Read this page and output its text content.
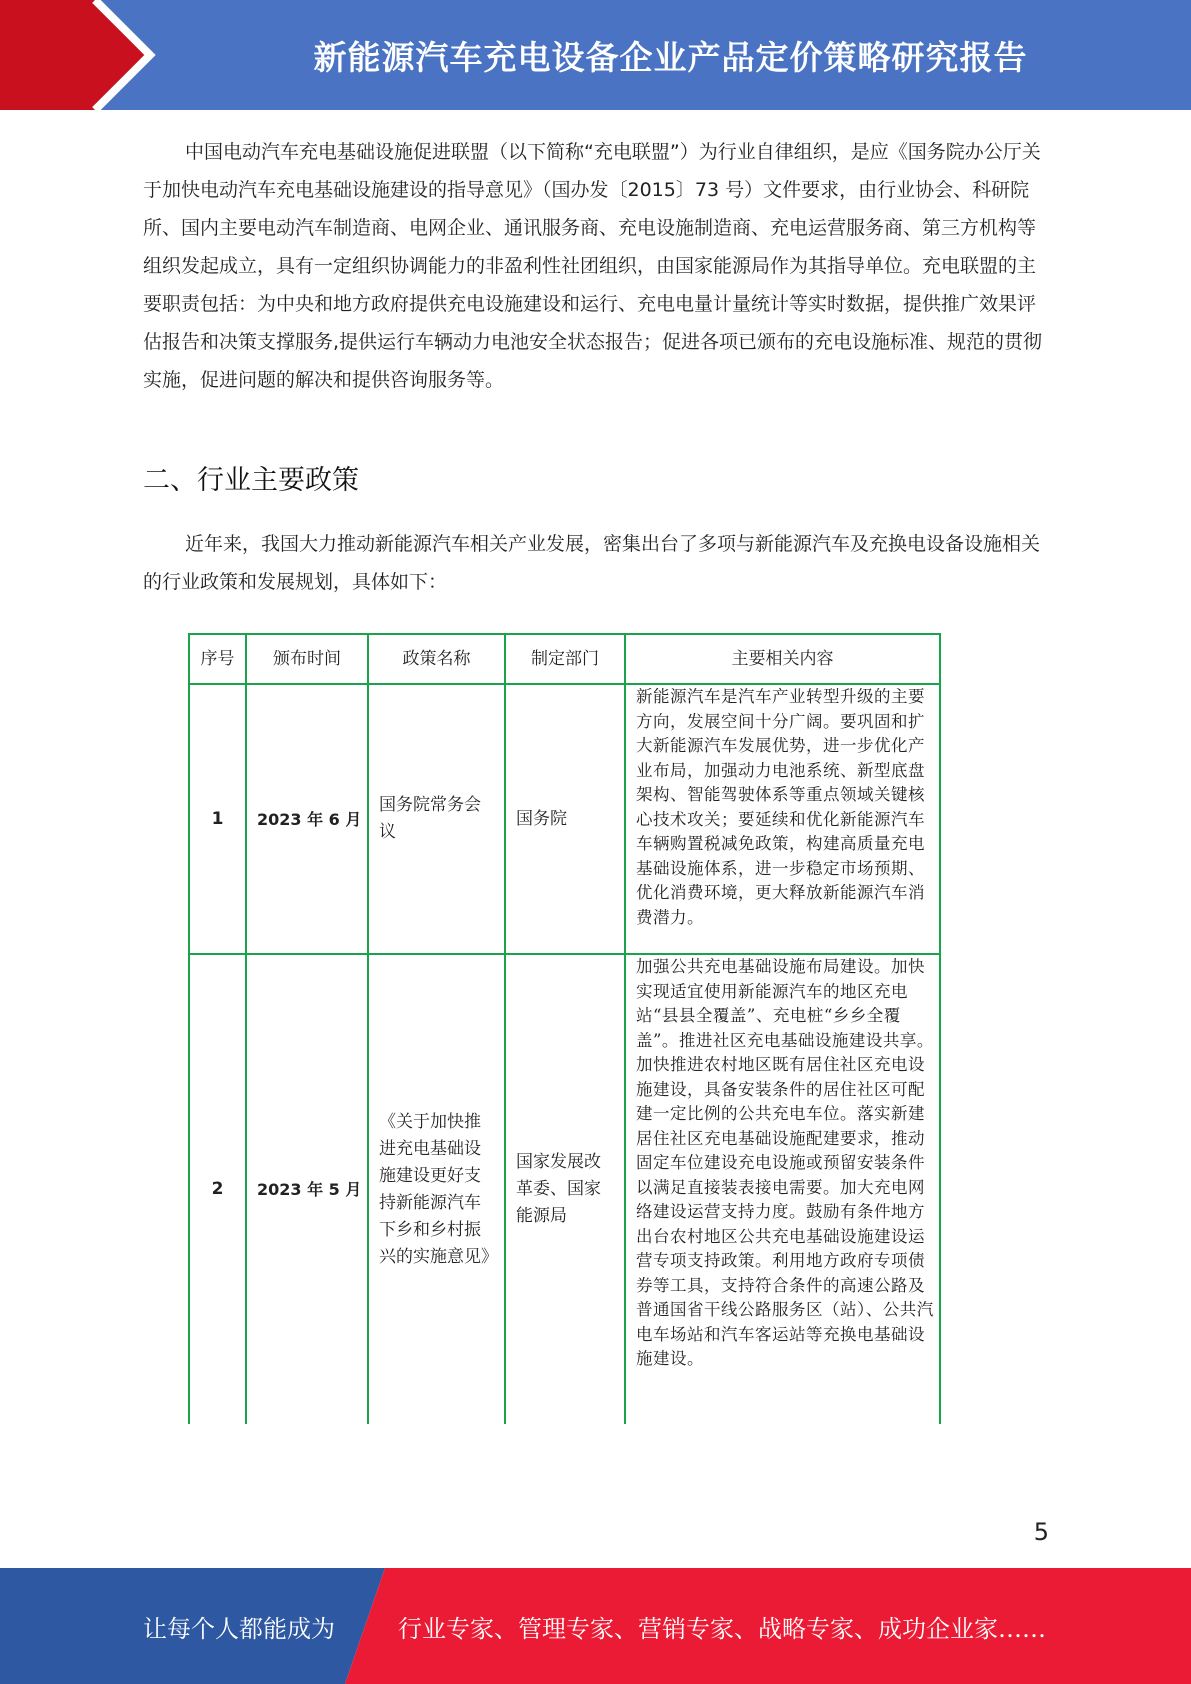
新能源汽车充电设备企业产品定价策略研究报告

中国电动汽车充电基础设施促进联盟（以下简称“充电联盟”）为行业自律组织，是应《国务院办公厅关于加快电动汽车充电基础设施建设的指导意见》（国办发〔2015〕73 号）文件要求，由行业协会、科研院所、国内主要电动汽车制造商、电网企业、通讯服务商、充电设施制造商、充电运营服务商、第三方机构等组织发起成立，具有一定组织协调能力的非盈利性社团组织，由国家能源局作为其指导单位。充电联盟的主要职责包括：为中央和地方政府提供充电设施建设和运行、充电电量计量统计等实时数据，提供推广效果评估报告和决策支撑服务,提供运行车辆动力电池安全状态报告；促进各项已颁布的充电设施标准、规范的贯彻实施，促进问题的解决和提供咨询服务等。

二、行业主要政策

近年来，我国大力推动新能源汽车相关产业发展，密集出台了多项与新能源汽车及充换电设备设施相关的行业政策和发展规划，具体如下：

序号	颁布时间	政策名称	制定部门	主要相关内容
1	2023 年 6 月	国务院常务会议	国务院	新能源汽车是汽车产业转型升级的主要方向，发展空间十分广阔。要巩固和扩大新能源汽车发展优势，进一步优化产业布局，加强动力电池系统、新型底盘架构、智能驾驶体系等重点领域关键核心技术攻关；要延续和优化新能源汽车车辆购置税减免政策，构建高质量充电基础设施体系，进一步稳定市场预期、优化消费环境，更大释放新能源汽车消费潜力。
2	2023 年 5 月	《关于加快推进充电基础设施建设更好支持新能源汽车下乡和乡村振兴的实施意见》	国家发展改革委、国家能源局	加强公共充电基础设施布局建设。加快实现适宜使用新能源汽车的地区充电站“县县全覆盖”、充电桩“乡乡全覆盖”。推进社区充电基础设施建设共享。加快推进农村地区既有居住社区充电设施建设，具备安装条件的居住社区可配建一定比例的公共充电车位。落实新建居住社区充电基础设施配建要求，推动固定车位建设充电设施或预留安装条件以满足直接装表接电需要。加大充电网络建设运营支持力度。鼓励有条件地方出台农村地区公共充电基础设施建设运营专项支持政策。利用地方政府专项债券等工具，支持符合条件的高速公路及普通国省干线公路服务区（站）、公共汽电车场站和汽车客运站等充换电基础设施建设。
5
让每个人都能成为	行业专家、管理专家、营销专家、战略专家、成功企业家……
